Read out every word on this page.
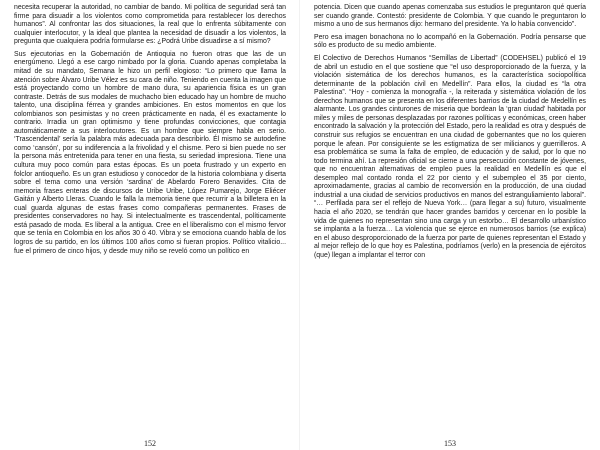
necesita recuperar la autoridad, no cambiar de bando. Mi política de seguridad será tan firme para disuadir a los violentos como comprometida para restablecer los derechos humanos”. Al confrontar las dos situaciones, la real que lo enfrenta súbitamente con cualquier interlocutor, y la ideal que plantea la necesidad de disuadir a los violentos, la pregunta que cualquiera podría formularse es: ¿Podrá Uribe disuadirse a sí mismo?

Sus ejecutorias en la Gobernación de Antioquia no fueron otras que las de un energúmeno. Llegó a ese cargo nimbado por la gloria. Cuando apenas completaba la mitad de su mandato, Semana le hizo un perfil elogioso: “Lo primero que llama la atención sobre Álvaro Uribe Vélez es su cara de niño. Teniendo en cuenta la imagen que está proyectando como un hombre de mano dura, su apariencia física es un gran contraste. Detrás de sus modales de muchacho bien educado hay un hombre de mucho talento, una disciplina férrea y grandes ambiciones. En estos momentos en que los colombianos son pesimistas y no creen prácticamente en nada, él es exactamente lo contrario. Irradia un gran optimismo y tiene profundas convicciones, que contagia automáticamente a sus interlocutores. Es un hombre que siempre habla en serio. ‘Trascendental’ sería la palabra más adecuada para describirlo. Él mismo se autodefine como ‘cansón’, por su indiferencia a la frivolidad y el chisme. Pero si bien puede no ser la persona más entretenida para tener en una fiesta, su seriedad impresiona. Tiene una cultura muy poco común para estas épocas. Es un poeta frustrado y un experto en folclor antioqueño. Es un gran estudioso y conocedor de la historia colombiana y diserta sobre el tema como una versión ‘sardina’ de Abelardo Forero Benavides. Cita de memoria frases enteras de discursos de Uribe Uribe, López Pumarejo, Jorge Eliécer Gaitán y Alberto Lleras. Cuando le falla la memoria tiene que recurrir a la billetera en la cual guarda algunas de estas frases como compañeras permanentes. Frases de presidentes conservadores no hay. Si intelectualmente es trascendental, políticamente está pasado de moda. Es liberal a la antigua. Cree en el liberalismo con el mismo fervor que se tenía en Colombia en los años 30 ó 40. Vibra y se emociona cuando habla de los logros de su partido, en los últimos 100 años como si fueran propios. Político vitalicio... fue el primero de cinco hijos, y desde muy niño se reveló como un político en

152

potencia. Dicen que cuando apenas comenzaba sus estudios le preguntaron qué quería ser cuando grande. Contestó: presidente de Colombia. Y que cuando le preguntaron lo mismo a uno de sus hermanos dijo: hermano del presidente. Ya lo había convencido”.

Pero esa imagen bonachona no lo acompañó en la Gobernación. Podría pensarse que sólo es producto de su medio ambiente.

El Colectivo de Derechos Humanos “Semillas de Libertad” (CODEHSEL) publicó el 19 de abril un estudio en el que sostiene que “el uso desproporcionado de la fuerza, y la violación sistemática de los derechos humanos, es la característica sociopolítica determinante de la población civil en Medellín”. Para ellos, la ciudad es “la otra Palestina”. “Hoy - comienza la monografía -, la reiterada y sistemática violación de los derechos humanos que se presenta en los diferentes barrios de la ciudad de Medellín es alarmante. Los grandes cinturones de miseria que bordean la ‘gran ciudad’ habitada por miles y miles de personas desplazadas por razones políticas y económicas, creen haber encontrado la salvación y la protección del Estado, pero la realidad es otra y después de construir sus refugios se encuentran en una ciudad de gobernantes que no los quieren porque le afean. Por consiguiente se les estigmatiza de ser milicianos y guerrilleros. A esa problemática se suma la falta de empleo, de educación y de salud, por lo que no todo termina ahí. La represión oficial se cierne a una persecución constante de jóvenes, que no encuentran alternativas de empleo pues la realidad en Medellín es que el desempleo mal contado ronda el 22 por ciento y el subempleo el 35 por ciento, aproximadamente, gracias al cambio de reconversión en la producción, de una ciudad industrial a una ciudad de servicios productivos en manos del estranguliamiento laboral”. “… Perfilada para ser el reflejo de Nueva York… (para llegar a su) futuro, visualmente hacia el año 2020, se tendrán que hacer grandes barridos y cercenar en lo posible la vida de quienes no representan sino una carga y un estorbo… El desarrollo urbanístico se implanta a la fuerza… La violencia que se ejerce en numerosos barrios (se explica) en el abuso desproporcionado de la fuerza por parte de quienes representan el Estado y al mejor reflejo de lo que hoy es Palestina, podríamos (verlo) en la presencia de ejércitos (que) llegan a implantar el terror con

153
